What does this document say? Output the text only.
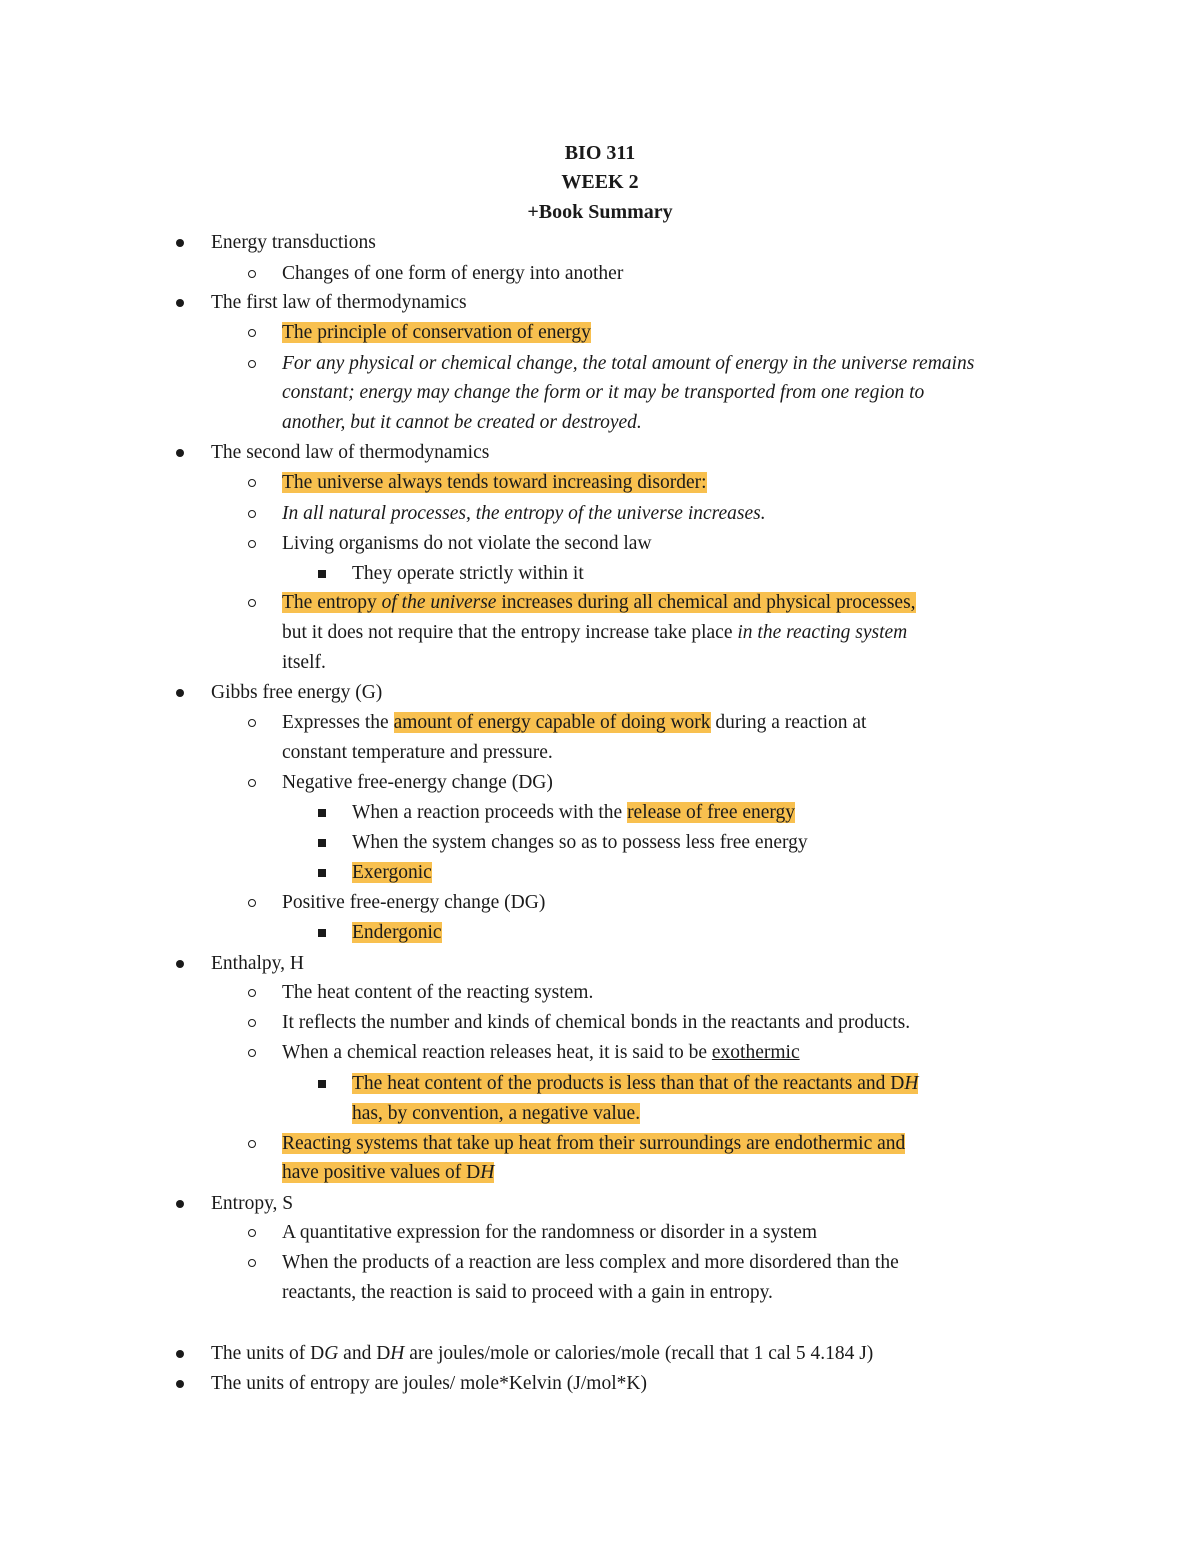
BIO 311
WEEK 2
+Book Summary
Energy transductions
Changes of one form of energy into another
The first law of thermodynamics
The principle of conservation of energy
For any physical or chemical change, the total amount of energy in the universe remains
constant; energy may change the form or it may be transported from one region to
another, but it cannot be created or destroyed.
The second law of thermodynamics
The universe always tends toward increasing disorder:
In all natural processes, the entropy of the universe increases.
Living organisms do not violate the second law
They operate strictly within it
The entropy of the universe increases during all chemical and physical processes,
but it does not require that the entropy increase take place in the reacting system
itself.
Gibbs free energy (G)
Expresses the amount of energy capable of doing work during a reaction at
constant temperature and pressure.
Negative free-energy change (DG)
When a reaction proceeds with the release of free energy
When the system changes so as to possess less free energy
Exergonic
Positive free-energy change (DG)
Endergonic
Enthalpy, H
The heat content of the reacting system.
It reflects the number and kinds of chemical bonds in the reactants and products.
When a chemical reaction releases heat, it is said to be exothermic
The heat content of the products is less than that of the reactants and DH
has, by convention, a negative value.
Reacting systems that take up heat from their surroundings are endothermic and
have positive values of DH
Entropy, S
A quantitative expression for the randomness or disorder in a system
When the products of a reaction are less complex and more disordered than the
reactants, the reaction is said to proceed with a gain in entropy.
The units of DG and DH are joules/mole or calories/mole (recall that 1 cal 5 4.184 J)
The units of entropy are joules/ mole*Kelvin (J/mol*K)
